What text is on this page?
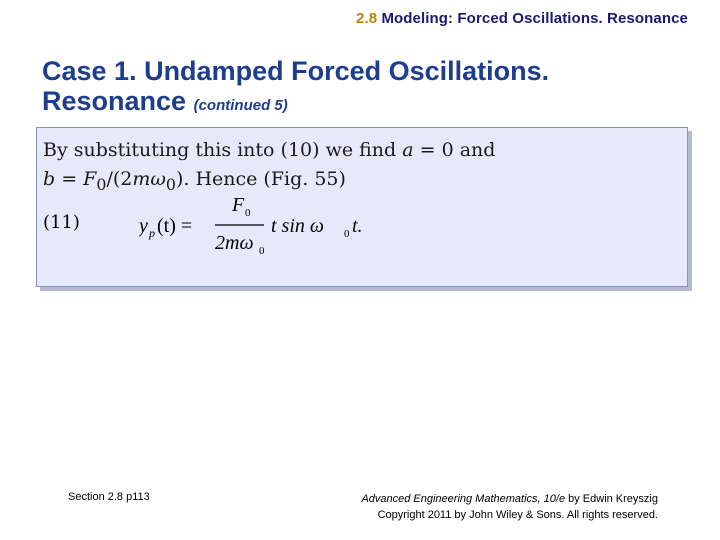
2.8 Modeling: Forced Oscillations. Resonance
Case 1. Undamped Forced Oscillations.
Resonance (continued 5)
By substituting this into (10) we find a = 0 and
$b = F_0/(2m\omega_0)$. Hence (Fig. 55)
(11)	y p (t) =
F 0
2mω 0
t sin ω 0 t.
Section 2.8 p113	Advanced Engineering Mathematics, 10/e by Edwin Kreyszig
Copyright 2011 by John Wiley & Sons. All rights reserved.
